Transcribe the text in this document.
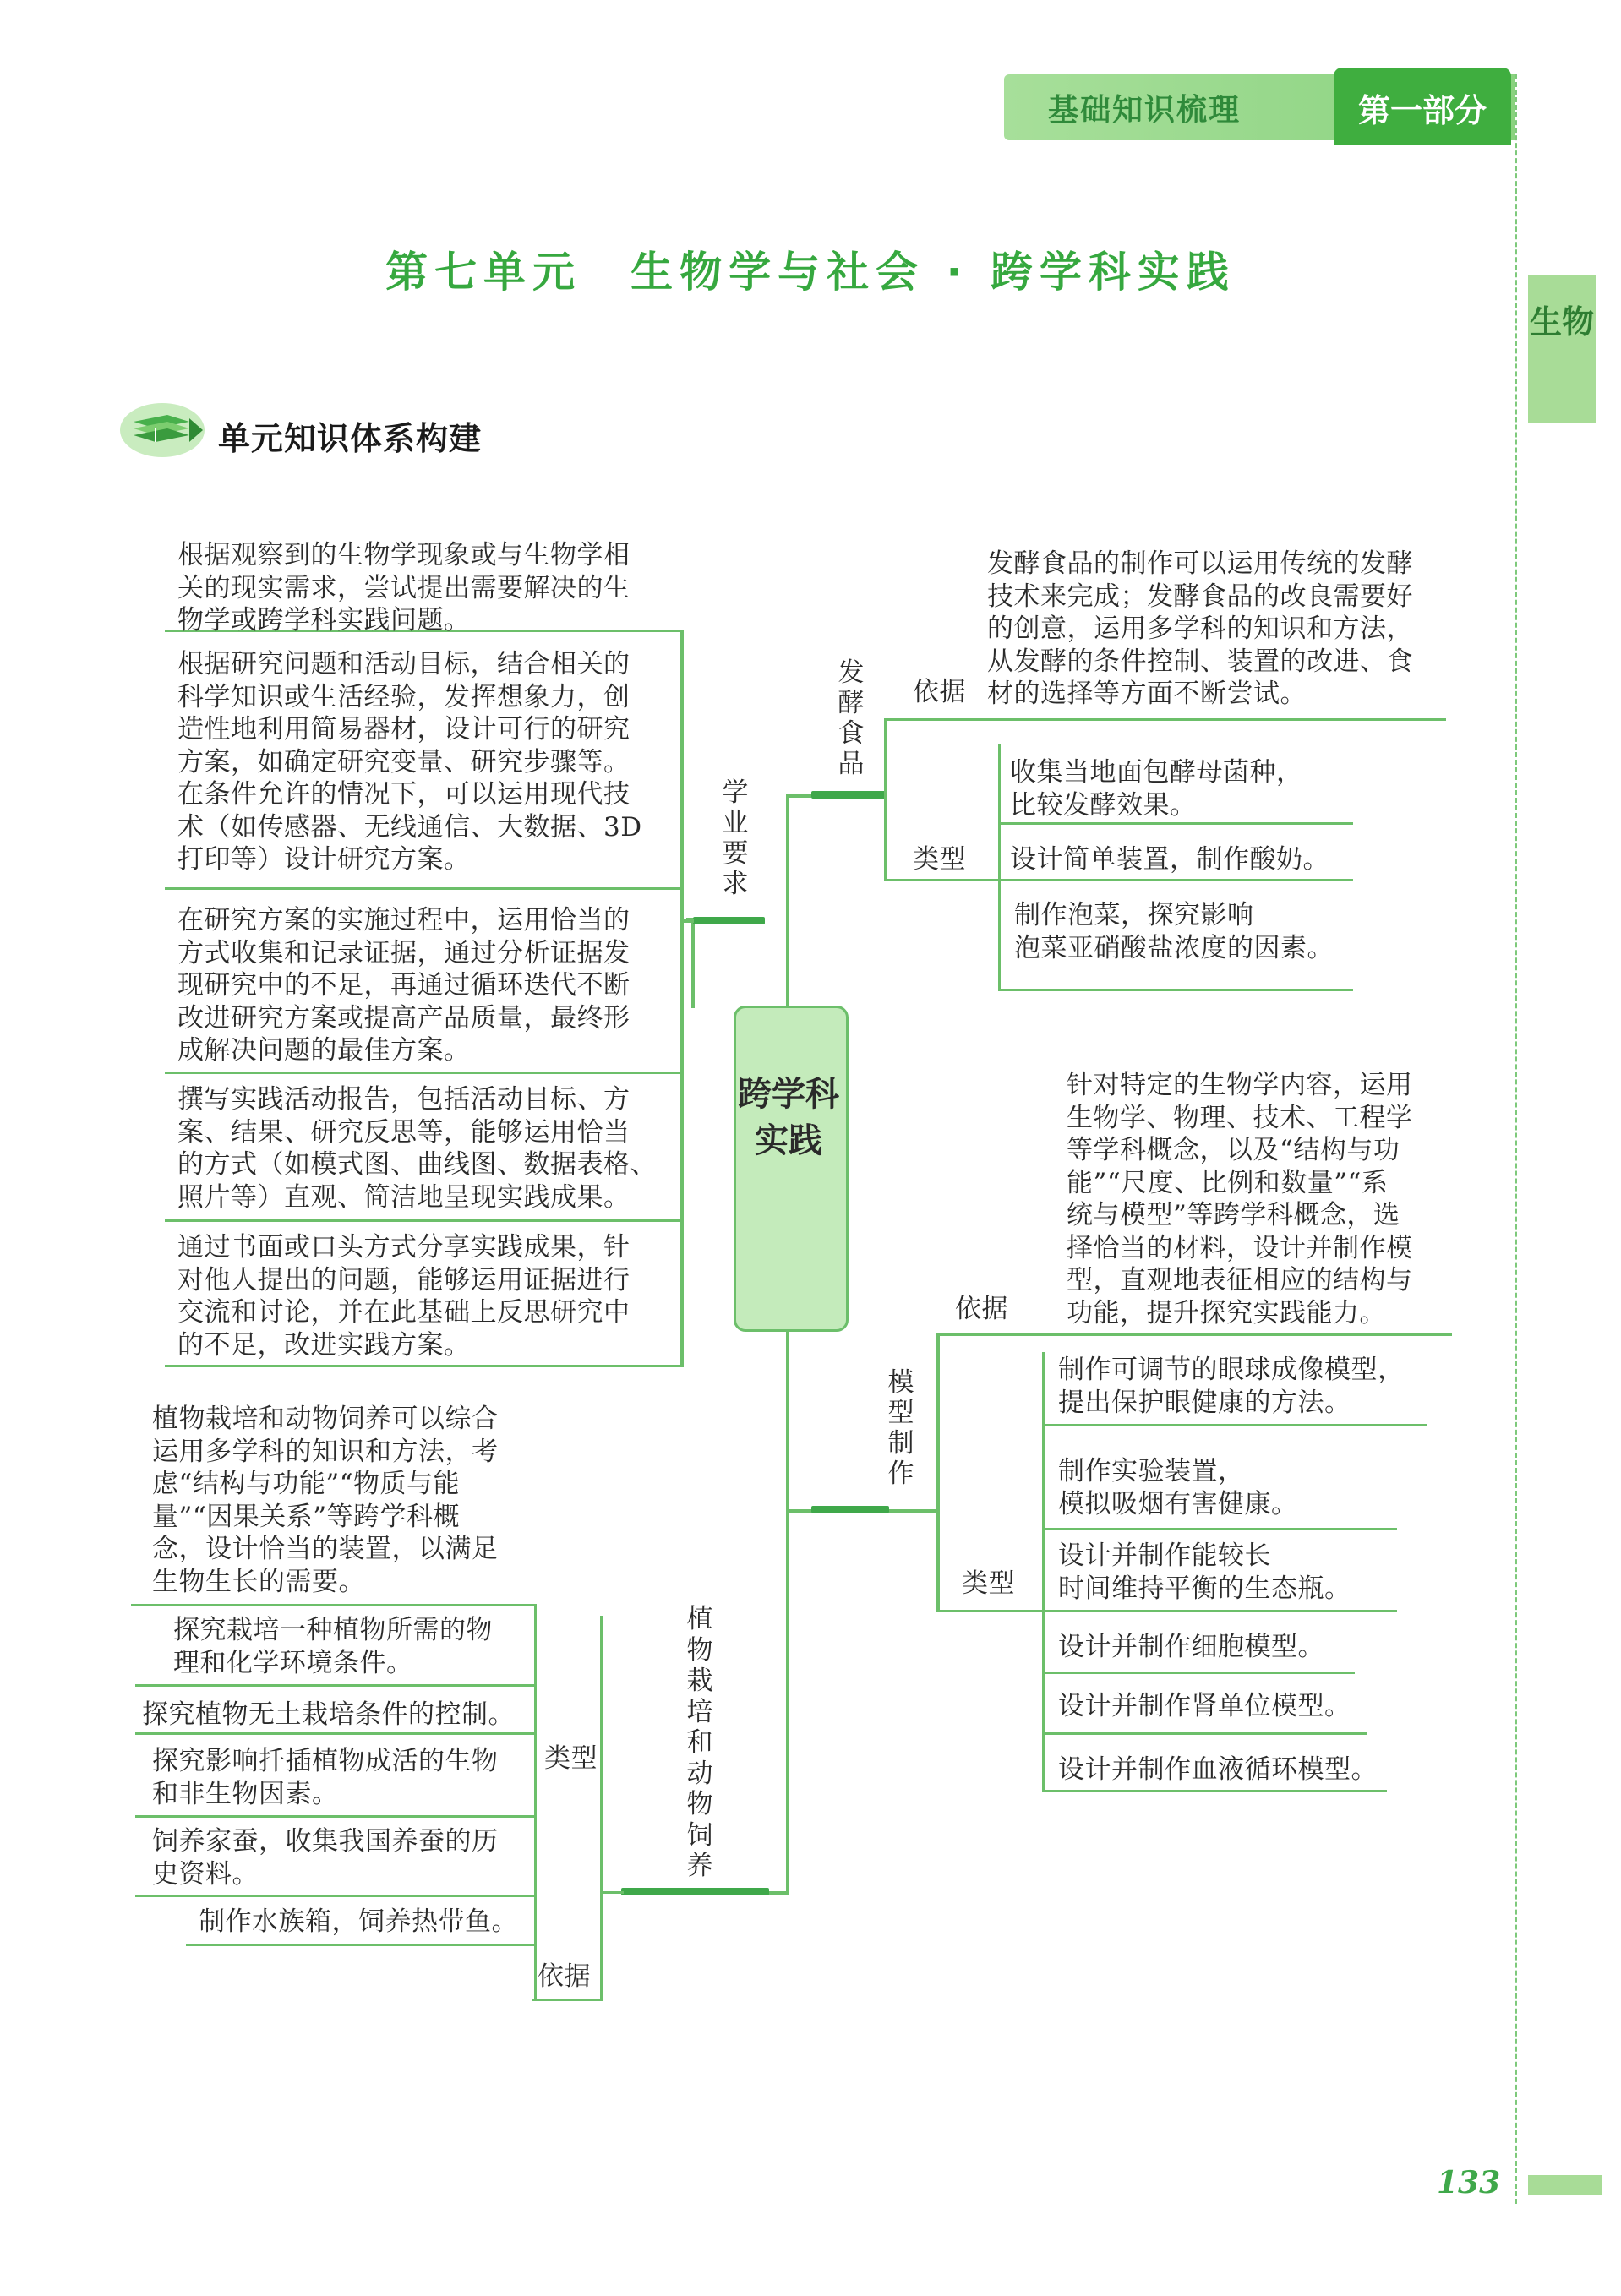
基础知识梳理	第一部分
生物
第七单元　生物学与社会 · 跨学科实践
单元知识体系构建
学业要求
根据观察到的生物学现象或与生物学相
关的现实需求，尝试提出需要解决的生
物学或跨学科实践问题。
根据研究问题和活动目标，结合相关的
科学知识或生活经验，发挥想象力，创
造性地利用简易器材，设计可行的研究
方案，如确定研究变量、研究步骤等。
在条件允许的情况下，可以运用现代技
术（如传感器、无线通信、大数据、3D
打印等）设计研究方案。
在研究方案的实施过程中，运用恰当的
方式收集和记录证据，通过分析证据发
现研究中的不足，再通过循环迭代不断
改进研究方案或提高产品质量，最终形
成解决问题的最佳方案。
撰写实践活动报告，包括活动目标、方
案、结果、研究反思等，能够运用恰当
的方式（如模式图、曲线图、数据表格、
照片等）直观、简洁地呈现实践成果。
通过书面或口头方式分享实践成果，针
对他人提出的问题，能够运用证据进行
交流和讨论，并在此基础上反思研究中
的不足，改进实践方案。
发酵食品
依据
发酵食品的制作可以运用传统的发酵
技术来完成；发酵食品的改良需要好
的创意，运用多学科的知识和方法，
从发酵的条件控制、装置的改进、食
材的选择等方面不断尝试。
类型
收集当地面包酵母菌种，
比较发酵效果。
设计简单装置，制作酸奶。
制作泡菜，探究影响
泡菜亚硝酸盐浓度的因素。
跨学科实践
模型制作
依据
针对特定的生物学内容，运用
生物学、物理、技术、工程学
等学科概念，以及“结构与功
能”“尺度、比例和数量”“系
统与模型”等跨学科概念，选
择恰当的材料，设计并制作模
型，直观地表征相应的结构与
功能，提升探究实践能力。
类型
制作可调节的眼球成像模型，
提出保护眼健康的方法。
制作实验装置，
模拟吸烟有害健康。
设计并制作能较长
时间维持平衡的生态瓶。
设计并制作细胞模型。
设计并制作肾单位模型。
设计并制作血液循环模型。
植物栽培和动物饲养
依据
植物栽培和动物饲养可以综合
运用多学科的知识和方法，考
虑“结构与功能”“物质与能
量”“因果关系”等跨学科概
念，设计恰当的装置，以满足
生物生长的需要。
类型
探究栽培一种植物所需的物
理和化学环境条件。
探究植物无土栽培条件的控制。
探究影响扦插植物成活的生物
和非生物因素。
饲养家蚕，收集我国养蚕的历
史资料。
制作水族箱，饲养热带鱼。
133
